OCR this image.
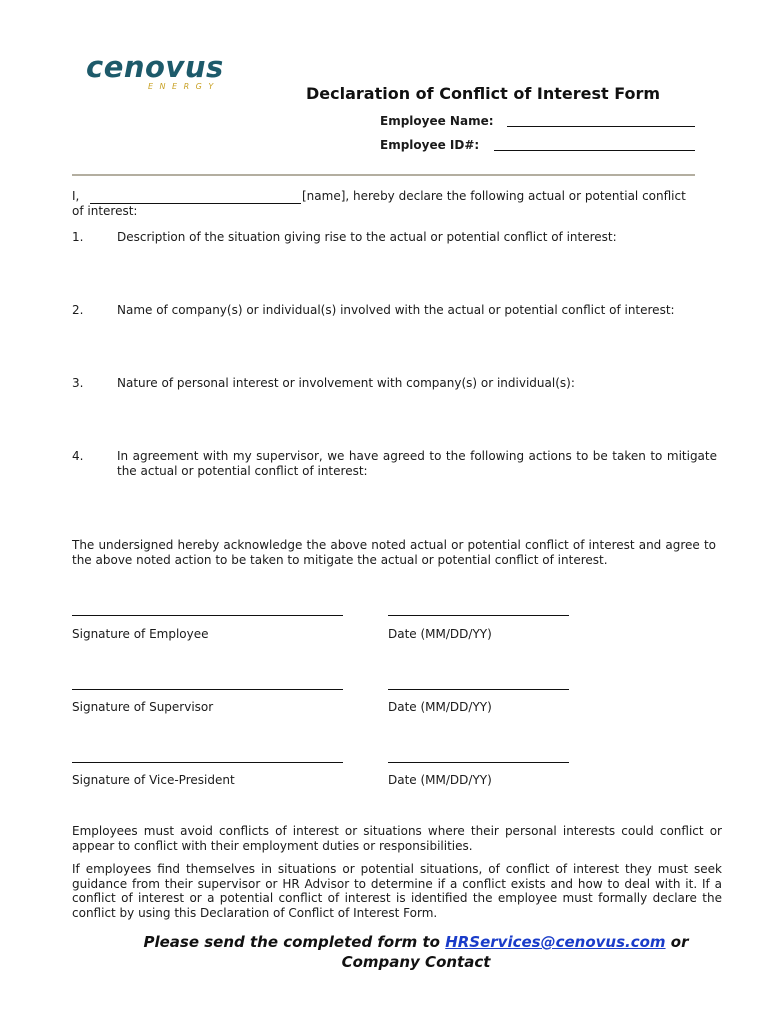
cenovus
ENERGY	Declaration of Conflict of Interest Form
Employee Name:
Employee ID#:
I,	[name], hereby declare the following actual or potential conflict
of interest:
1.	Description of the situation giving rise to the actual or potential conflict of interest:
2.	Name of company(s) or individual(s) involved with the actual or potential conflict of interest:
3.	Nature of personal interest or involvement with company(s) or individual(s):
4.	In agreement with my supervisor, we have agreed to the following actions to be taken to mitigate the actual or potential conflict of interest:
The undersigned hereby acknowledge the above noted actual or potential conflict of interest and agree to the above noted action to be taken to mitigate the actual or potential conflict of interest.
Signature of Employee	Date (MM/DD/YY)
Signature of Supervisor	Date (MM/DD/YY)
Signature of Vice-President	Date (MM/DD/YY)
Employees must avoid conflicts of interest or situations where their personal interests could conflict or appear to conflict with their employment duties or responsibilities.
If employees find themselves in situations or potential situations, of conflict of interest they must seek guidance from their supervisor or HR Advisor to determine if a conflict exists and how to deal with it. If a conflict of interest or a potential conflict of interest is identified the employee must formally declare the conflict by using this Declaration of Conflict of Interest Form.
Please send the completed form to HRServices@cenovus.com or
Company Contact
